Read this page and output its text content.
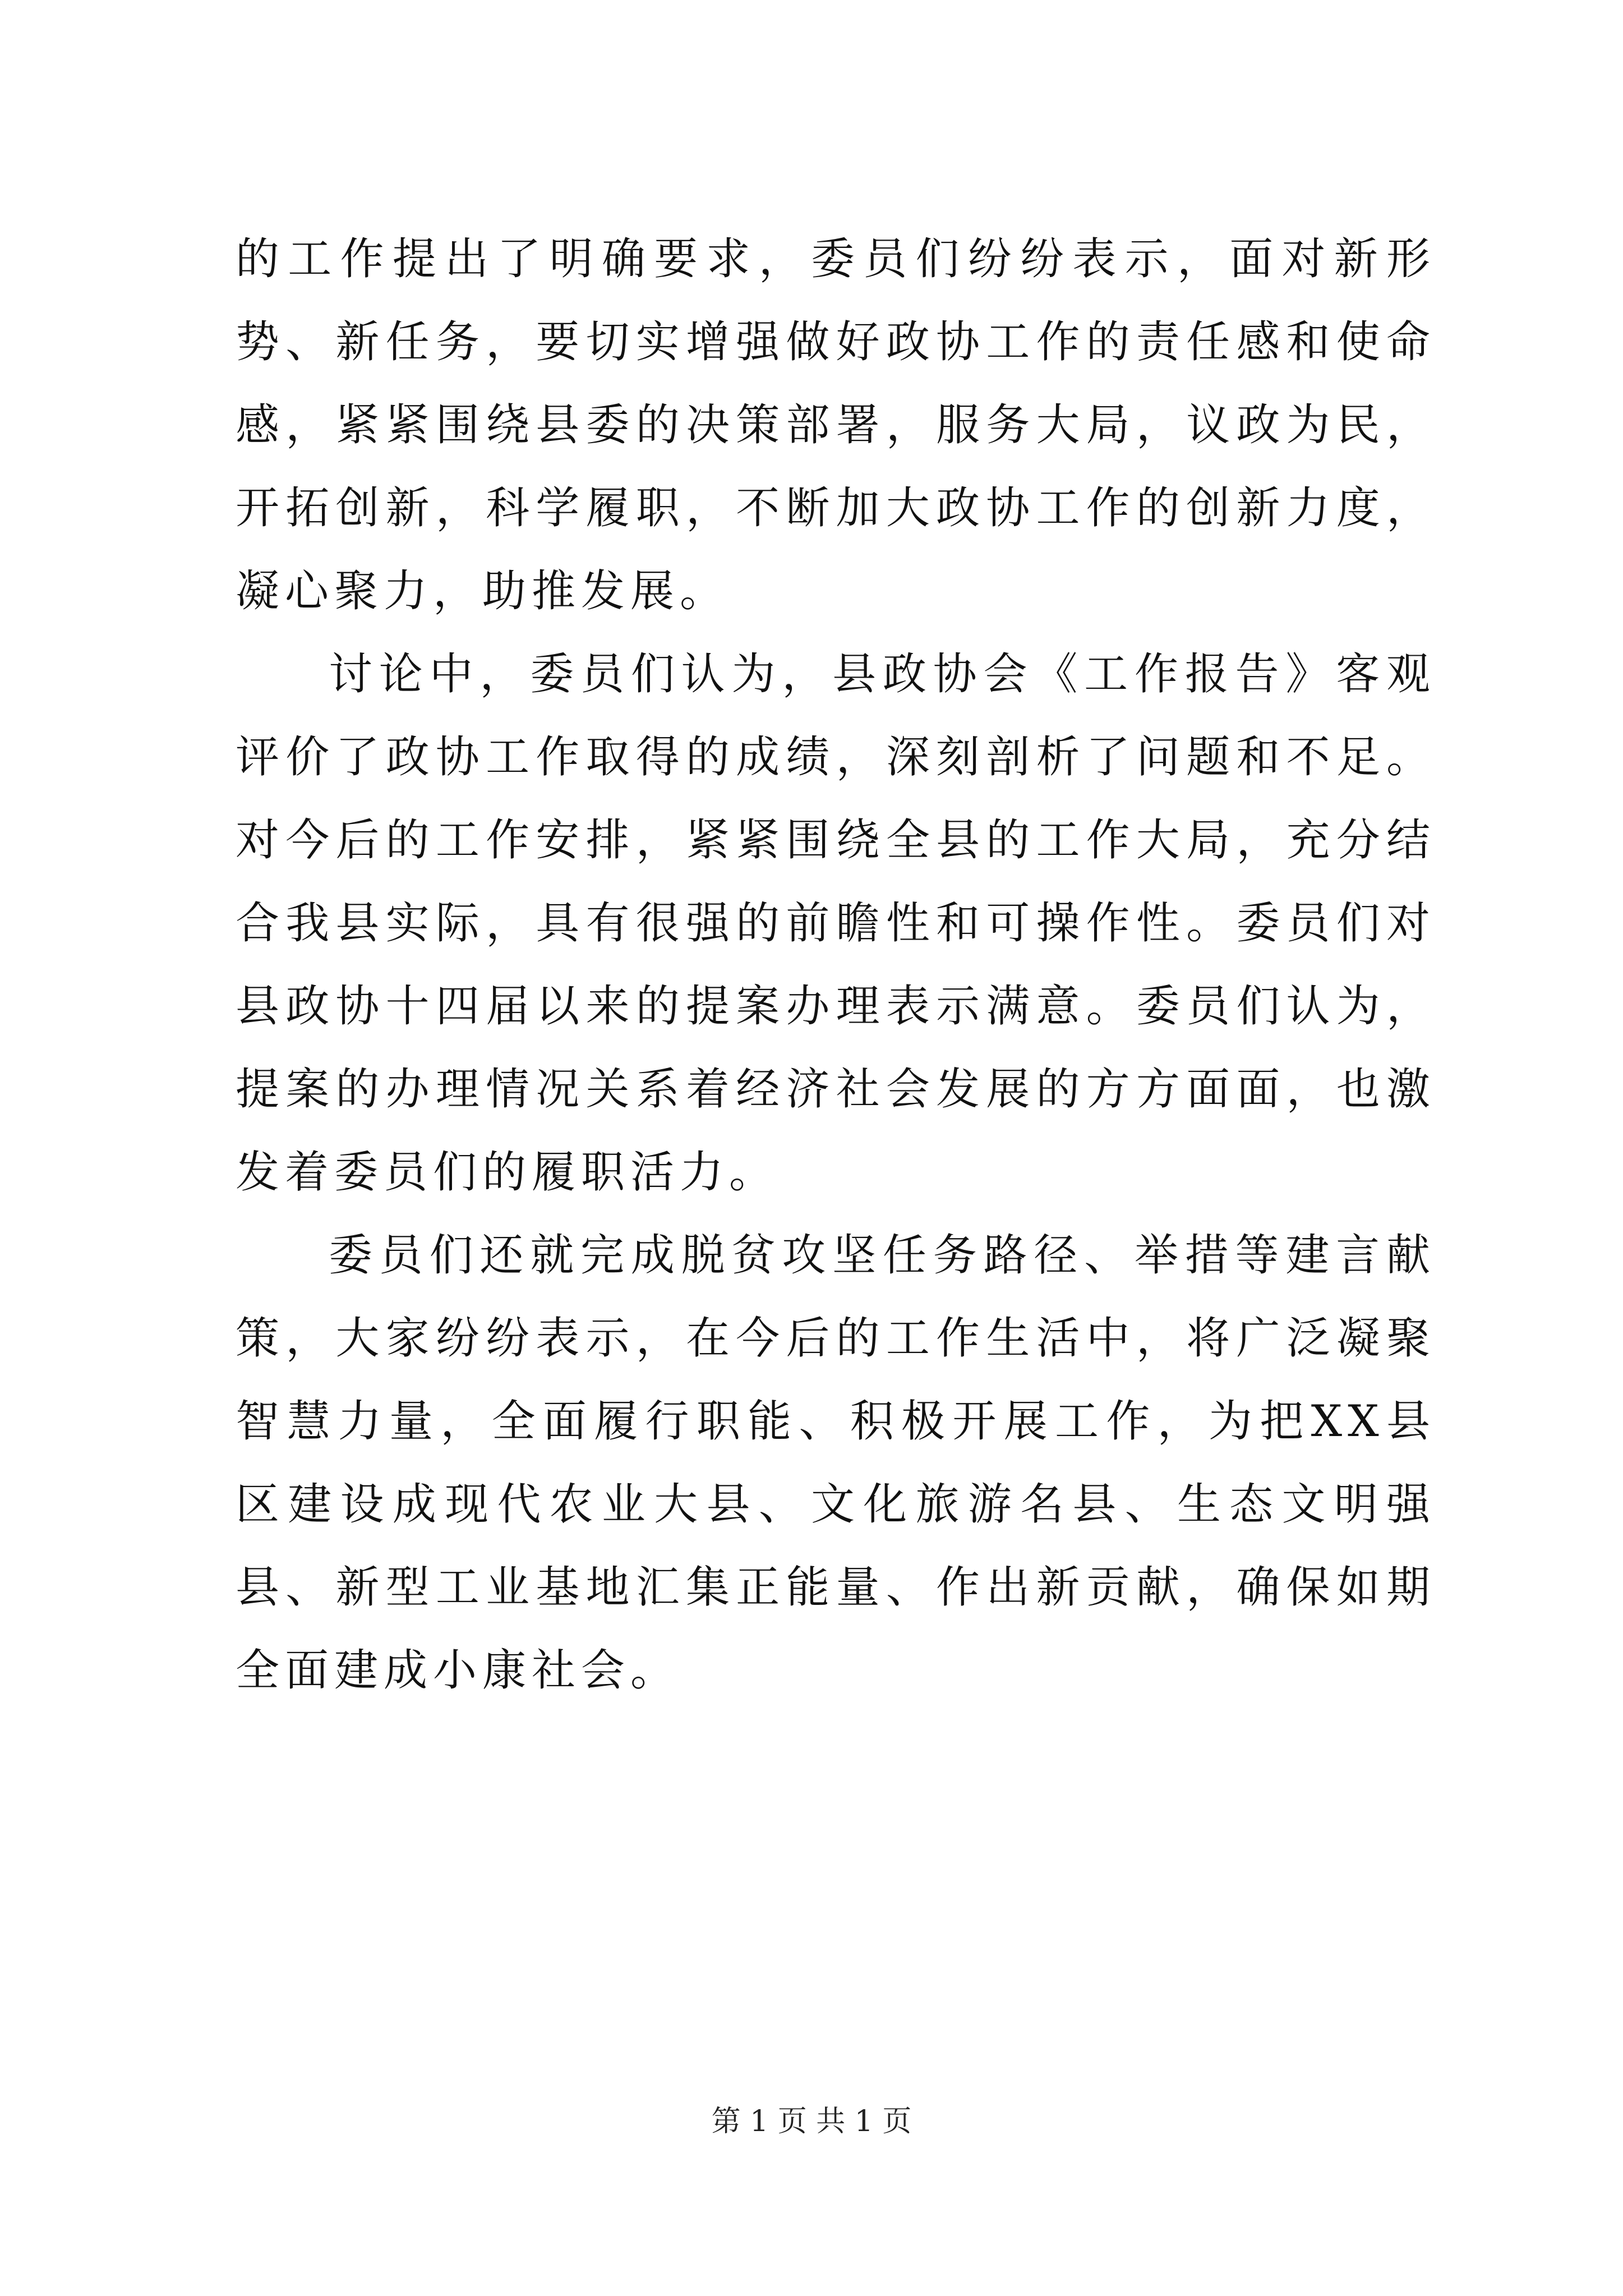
的工作提出了明确要求，委员们纷纷表示，面对新形势、新任务，要切实增强做好政协工作的责任感和使命感，紧紧围绕县委的决策部署，服务大局，议政为民，开拓创新，科学履职，不断加大政协工作的创新力度，凝心聚力，助推发展。

讨论中，委员们认为，县政协会《工作报告》客观评价了政协工作取得的成绩，深刻剖析了问题和不足。对今后的工作安排，紧紧围绕全县的工作大局，充分结合我县实际，具有很强的前瞻性和可操作性。委员们对县政协十四届以来的提案办理表示满意。委员们认为，提案的办理情况关系着经济社会发展的方方面面，也激发着委员们的履职活力。

委员们还就完成脱贫攻坚任务路径、举措等建言献策，大家纷纷表示，在今后的工作生活中，将广泛凝聚智慧力量，全面履行职能、积极开展工作，为把XX县区建设成现代农业大县、文化旅游名县、生态文明强县、新型工业基地汇集正能量、作出新贡献，确保如期全面建成小康社会。

第 1 页 共 1 页
